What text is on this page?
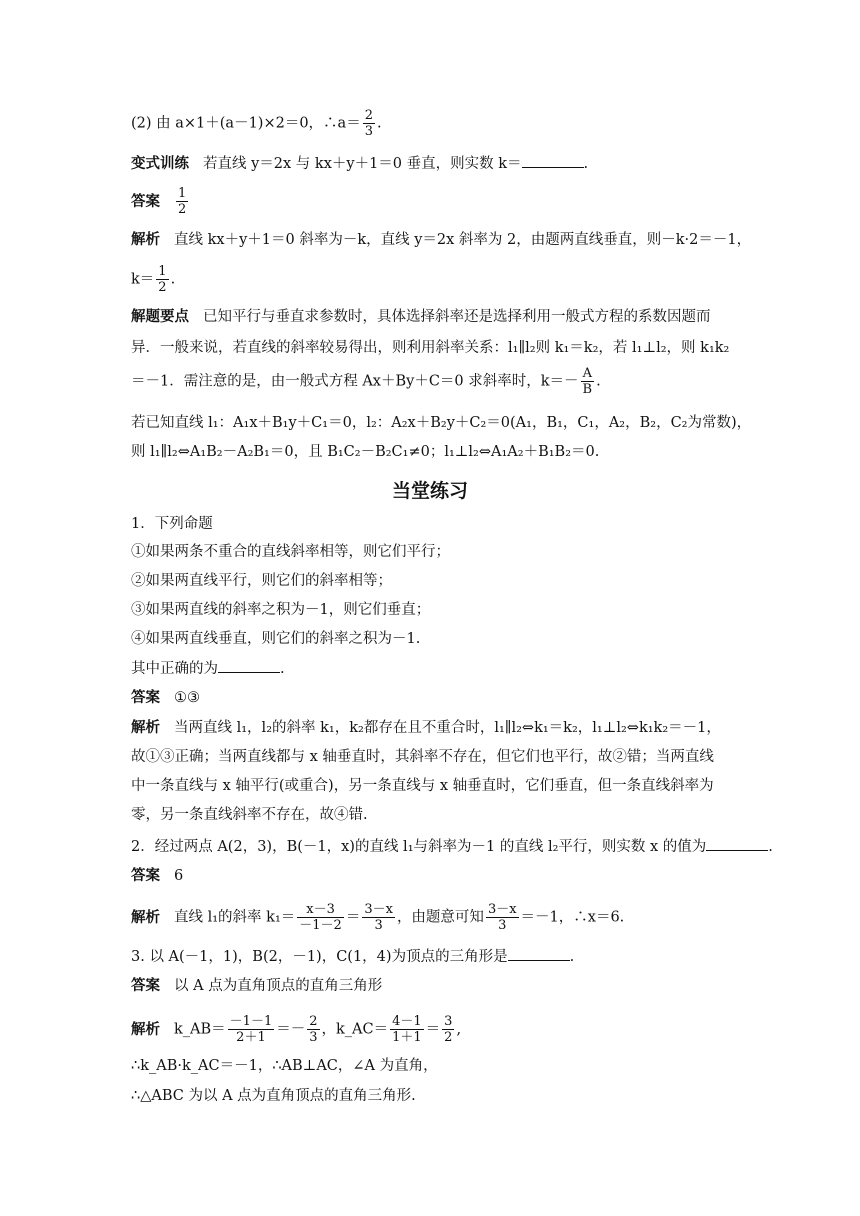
(2) 由 a×1＋(a－1)×2＝0，∴a＝ $\frac{2}{3}$ .
变式训练 若直线 y＝2x 与 kx＋y＋1＝0 垂直，则实数 k＝	.
答案 $\frac{1}{2}$
解析 直线 kx＋y＋1＝0 斜率为－k，直线 y＝2x 斜率为 2，由题两直线垂直，则－k·2＝－1，
$k= \frac{1}{2}$ .
解题要点 已知平行与垂直求参数时，具体选择斜率还是选择利用一般式方程的系数因题而
异．一般来说，若直线的斜率较易得出，则利用斜率关系：l₁∥l₂则 k₁＝k₂，若 l₁⊥l₂，则 k₁k₂
＝－1．需注意的是，由一般式方程 Ax＋By＋C＝0 求斜率时，$k=- \frac{A}{B}$ .
若已知直线 l₁：A₁x＋B₁y＋C₁＝0，l₂：A₂x＋B₂y＋C₂＝0(A₁，B₁，C₁，A₂，B₂，C₂为常数)，
则 l₁∥l₂⇔A₁B₂－A₂B₁＝0，且 B₁C₂－B₂C₁≠0；l₁⊥l₂⇔A₁A₂＋B₁B₂＝0.
当堂练习
1．下列命题
①如果两条不重合的直线斜率相等，则它们平行；
②如果两直线平行，则它们的斜率相等；
③如果两直线的斜率之积为－1，则它们垂直；
④如果两直线垂直，则它们的斜率之积为－1.
其中正确的为	.
答案 ①③
解析 当两直线 l₁，l₂的斜率 k₁，k₂都存在且不重合时，l₁∥l₂⇔k₁＝k₂，l₁⊥l₂⇔k₁k₂＝－1，
故①③正确；当两直线都与 x 轴垂直时，其斜率不存在，但它们也平行，故②错；当两直线
中一条直线与 x 轴平行(或重合)，另一条直线与 x 轴垂直时，它们垂直，但一条直线斜率为
零，另一条直线斜率不存在，故④错.
2．经过两点 A(2，3)，B(－1，x)的直线 l₁与斜率为－1 的直线 l₂平行，则实数 x 的值为	.
答案 6
解析 直线 l₁的斜率 $k_1= \frac{x-3}{-1-2} = \frac{3-x}{3}$ ，由题意可知 $\frac{3-x}{3} =-1$，∴x＝6.
3. 以 A(－1，1)，B(2，－1)，C(1，4)为顶点的三角形是	.
答案 以 A 点为直角顶点的直角三角形
解析 k_AB＝ $\frac{-1-1}{2+1} =- \frac{2}{3}$ ，k_AC＝ $\frac{4-1}{1+1} = \frac{3}{2}$ ,
∴k_AB·k_AC＝－1，∴AB⊥AC，∠A 为直角，
∴△ABC 为以 A 点为直角顶点的直角三角形.
